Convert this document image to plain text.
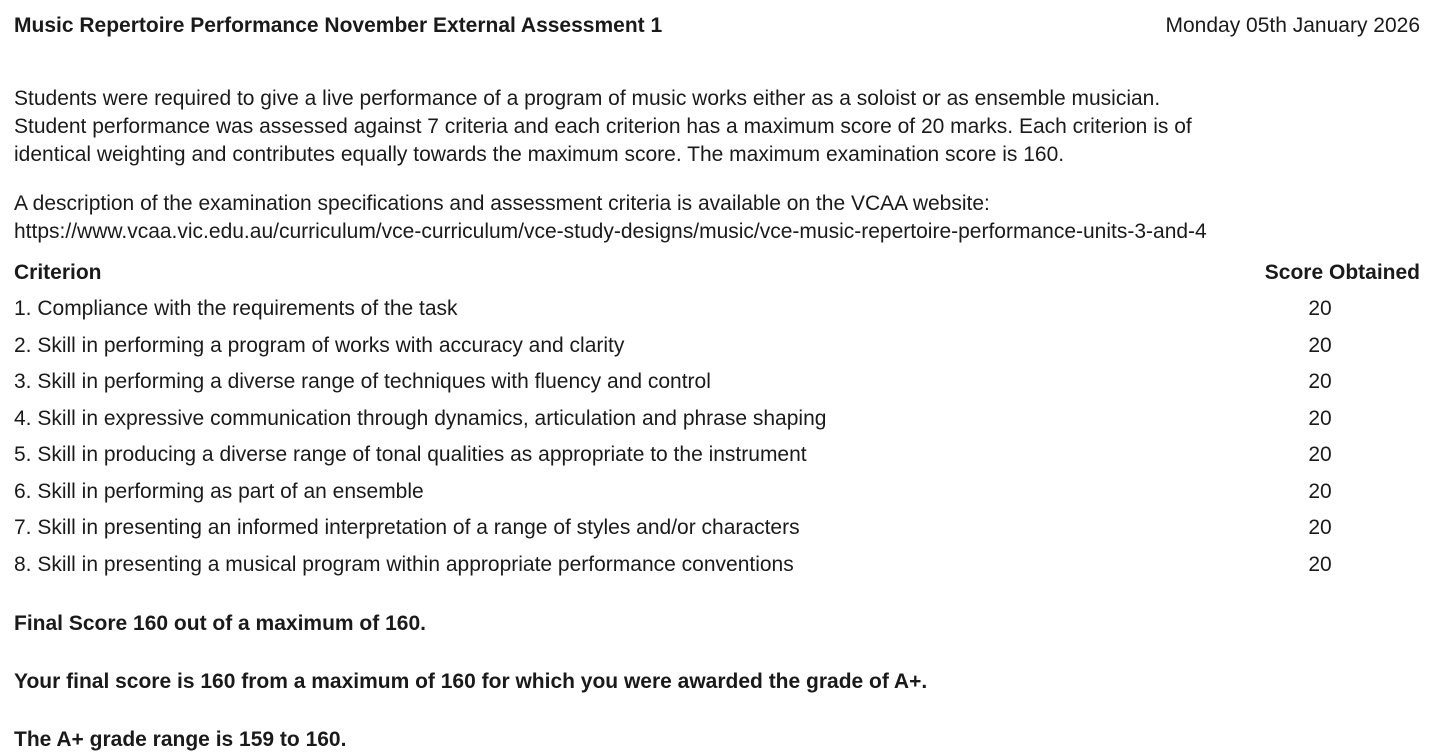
Music Repertoire Performance November External Assessment 1	Monday 05th January 2026
Students were required to give a live performance of a program of music works either as a soloist or as ensemble musician.
Student performance was assessed against 7 criteria and each criterion has a maximum score of 20 marks. Each criterion is of
identical weighting and contributes equally towards the maximum score. The maximum examination score is 160.
A description of the examination specifications and assessment criteria is available on the VCAA website:
https://www.vcaa.vic.edu.au/curriculum/vce-curriculum/vce-study-designs/music/vce-music-repertoire-performance-units-3-and-4
Criterion	Score Obtained
1. Compliance with the requirements of the task	20
2. Skill in performing a program of works with accuracy and clarity	20
3. Skill in performing a diverse range of techniques with fluency and control	20
4. Skill in expressive communication through dynamics, articulation and phrase shaping	20
5. Skill in producing a diverse range of tonal qualities as appropriate to the instrument	20
6. Skill in performing as part of an ensemble	20
7. Skill in presenting an informed interpretation of a range of styles and/or characters	20
8. Skill in presenting a musical program within appropriate performance conventions	20
Final Score 160 out of a maximum of 160.
Your final score is 160 from a maximum of 160 for which you were awarded the grade of A+.
The A+ grade range is 159 to 160.
